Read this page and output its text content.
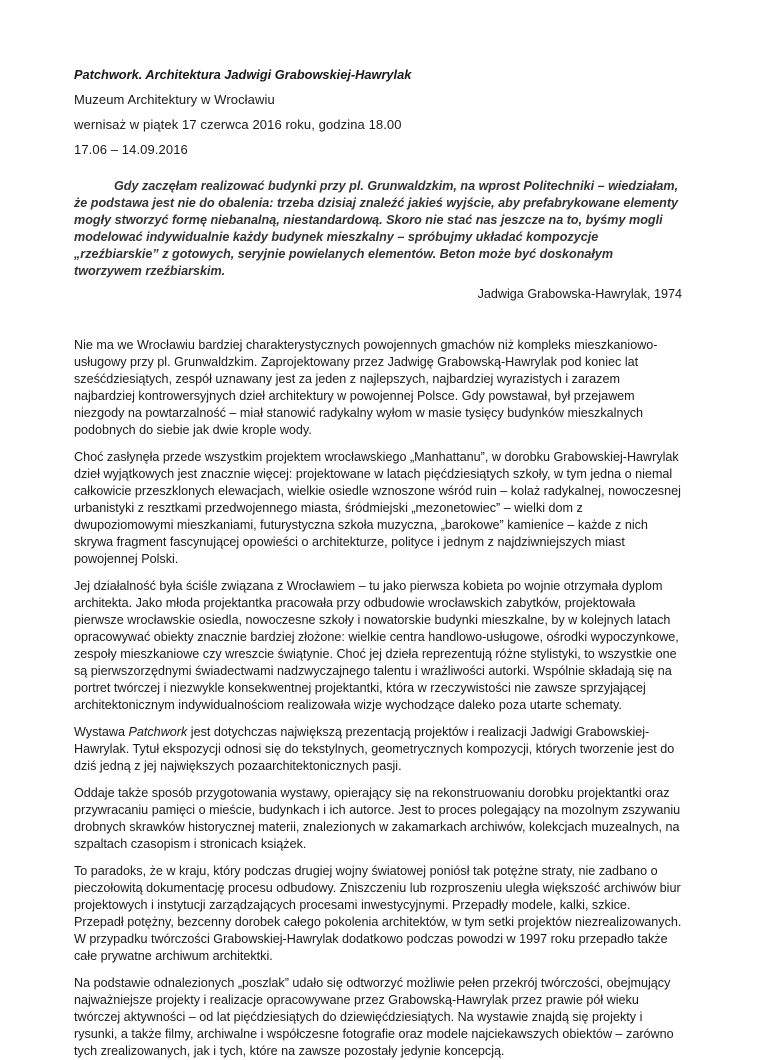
Patchwork. Architektura Jadwigi Grabowskiej-Hawrylak
Muzeum Architektury w Wrocławiu
wernisaż w piątek 17 czerwca 2016 roku, godzina 18.00
17.06 – 14.09.2016
Gdy zaczęłam realizować budynki przy pl. Grunwaldzkim, na wprost Politechniki – wiedziałam, że podstawa jest nie do obalenia: trzeba dzisiaj znaleźć jakieś wyjście, aby prefabrykowane elementy mogły stworzyć formę niebanalną, niestandardową. Skoro nie stać nas jeszcze na to, byśmy mogli modelować indywidualnie każdy budynek mieszkalny – spróbujmy układać kompozycje „rzeźbiarskie” z gotowych, seryjnie powielanych elementów. Beton może być doskonałym tworzywem rzeźbiarskim.
Jadwiga Grabowska-Hawrylak, 1974

Nie ma we Wrocławiu bardziej charakterystycznych powojennych gmachów niż kompleks mieszkaniowo-usługowy przy pl. Grunwaldzkim. Zaprojektowany przez Jadwigę Grabowską-Hawrylak pod koniec lat sześćdziesiątych, zespół uznawany jest za jeden z najlepszych, najbardziej wyrazistych i zarazem najbardziej kontrowersyjnych dzieł architektury w powojennej Polsce. Gdy powstawał, był przejawem niezgody na powtarzalność – miał stanowić radykalny wyłom w masie tysięcy budynków mieszkalnych podobnych do siebie jak dwie krople wody.

Choć zasłynęła przede wszystkim projektem wrocławskiego „Manhattanu”, w dorobku Grabowskiej-Hawrylak dzieł wyjątkowych jest znacznie więcej: projektowane w latach pięćdziesiątych szkoły, w tym jedna o niemal całkowicie przeszklonych elewacjach, wielkie osiedle wznoszone wśród ruin – kolaż radykalnej, nowoczesnej urbanistyki z resztkami przedwojennego miasta, śródmiejski „mezonetowiec” – wielki dom z dwupoziomowymi mieszkaniami, futurystyczna szkoła muzyczna, „barokowe” kamienice – każde z nich skrywa fragment fascynującej opowieści o architekturze, polityce i jednym z najdziwniejszych miast powojennej Polski.

Jej działalność była ściśle związana z Wrocławiem – tu jako pierwsza kobieta po wojnie otrzymała dyplom architekta. Jako młoda projektantka pracowała przy odbudowie wrocławskich zabytków, projektowała pierwsze wrocławskie osiedla, nowoczesne szkoły i nowatorskie budynki mieszkalne, by w kolejnych latach opracowywać obiekty znacznie bardziej złożone: wielkie centra handlowo-usługowe, ośrodki wypoczynkowe, zespoły mieszkaniowe czy wreszcie świątynie. Choć jej dzieła reprezentują różne stylistyki, to wszystkie one są pierwszorzędnymi świadectwami nadzwyczajnego talentu i wrażliwości autorki. Wspólnie składają się na portret twórczej i niezwykle konsekwentnej projektantki, która w rzeczywistości nie zawsze sprzyjającej architektonicznym indywidualnościom realizowała wizje wychodzące daleko poza utarte schematy.

Wystawa Patchwork jest dotychczas największą prezentacją projektów i realizacji Jadwigi Grabowskiej-Hawrylak. Tytuł ekspozycji odnosi się do tekstylnych, geometrycznych kompozycji, których tworzenie jest do dziś jedną z jej największych pozaarchitektonicznych pasji.

Oddaje także sposób przygotowania wystawy, opierający się na rekonstruowaniu dorobku projektantki oraz przywracaniu pamięci o mieście, budynkach i ich autorce. Jest to proces polegający na mozolnym zszywaniu drobnych skrawków historycznej materii, znalezionych w zakamarkach archiwów, kolekcjach muzealnych, na szpaltach czasopism i stronicach książek.

To paradoks, że w kraju, który podczas drugiej wojny światowej poniósł tak potężne straty, nie zadbano o pieczołowitą dokumentację procesu odbudowy. Zniszczeniu lub rozproszeniu uległa większość archiwów biur projektowych i instytucji zarządzających procesami inwestycyjnymi. Przepadły modele, kalki, szkice. Przepadł potężny, bezcenny dorobek całego pokolenia architektów, w tym setki projektów niezrealizowanych.
W przypadku twórczości Grabowskiej-Hawrylak dodatkowo podczas powodzi w 1997 roku przepadło także całe prywatne archiwum architektki.

Na podstawie odnalezionych „poszlak” udało się odtworzyć możliwie pełen przekrój twórczości, obejmujący najważniejsze projekty i realizacje opracowywane przez Grabowską-Hawrylak przez prawie pół wieku twórczej aktywności – od lat pięćdziesiątych do dziewięćdziesiątych. Na wystawie znajdą się projekty i rysunki, a także filmy, archiwalne i współczesne fotografie oraz modele najciekawszych obiektów – zarówno tych zrealizowanych, jak i tych, które na zawsze pozostały jedynie koncepcją.
